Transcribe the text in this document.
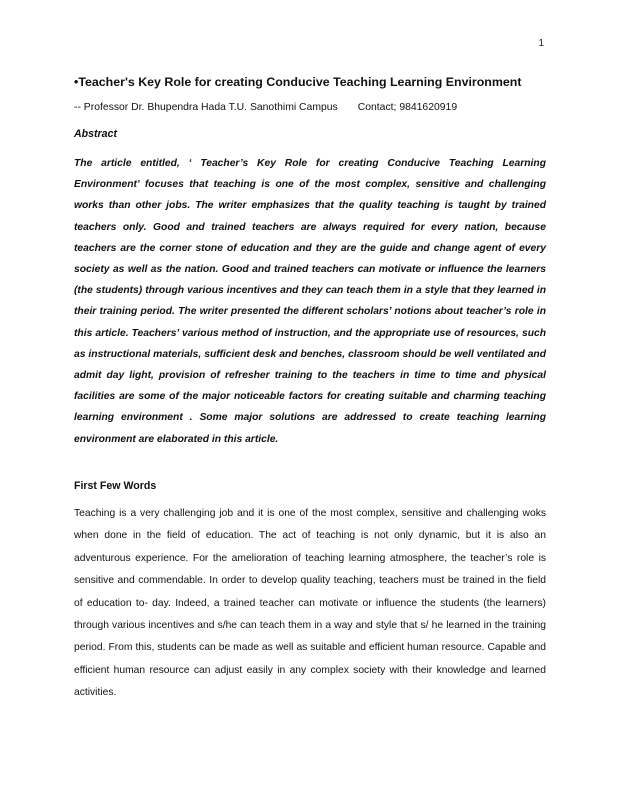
1
•Teacher's Key Role for creating Conducive Teaching Learning Environment
-- Professor Dr. Bhupendra Hada T.U. Sanothimi Campus Contact; 9841620919
Abstract

The article entitled, ‘ Teacher’s Key Role for creating Conducive Teaching Learning Environment’ focuses that teaching is one of the most complex, sensitive and challenging works than other jobs. The writer emphasizes that the quality teaching is taught by trained teachers only. Good and trained teachers are always required for every nation, because teachers are the corner stone of education and they are the guide and change agent of every society as well as the nation. Good and trained teachers can motivate or influence the learners (the students) through various incentives and they can teach them in a style that they learned in their training period. The writer presented the different scholars’ notions about teacher’s role in this article. Teachers’ various method of instruction, and the appropriate use of resources, such as instructional materials, sufficient desk and benches, classroom should be well ventilated and admit day light, provision of refresher training to the teachers in time to time and physical facilities are some of the major noticeable factors for creating suitable and charming teaching learning environment . Some major solutions are addressed to create teaching learning environment are elaborated in this article.

First Few Words

Teaching is a very challenging job and it is one of the most complex, sensitive and challenging woks when done in the field of education. The act of teaching is not only dynamic, but it is also an adventurous experience. For the amelioration of teaching learning atmosphere, the teacher’s role is sensitive and commendable. In order to develop quality teaching, teachers must be trained in the field of education to- day. Indeed, a trained teacher can motivate or influence the students (the learners) through various incentives and s/he can teach them in a way and style that s/ he learned in the training period. From this, students can be made as well as suitable and efficient human resource. Capable and efficient human resource can adjust easily in any complex society with their knowledge and learned activities.
